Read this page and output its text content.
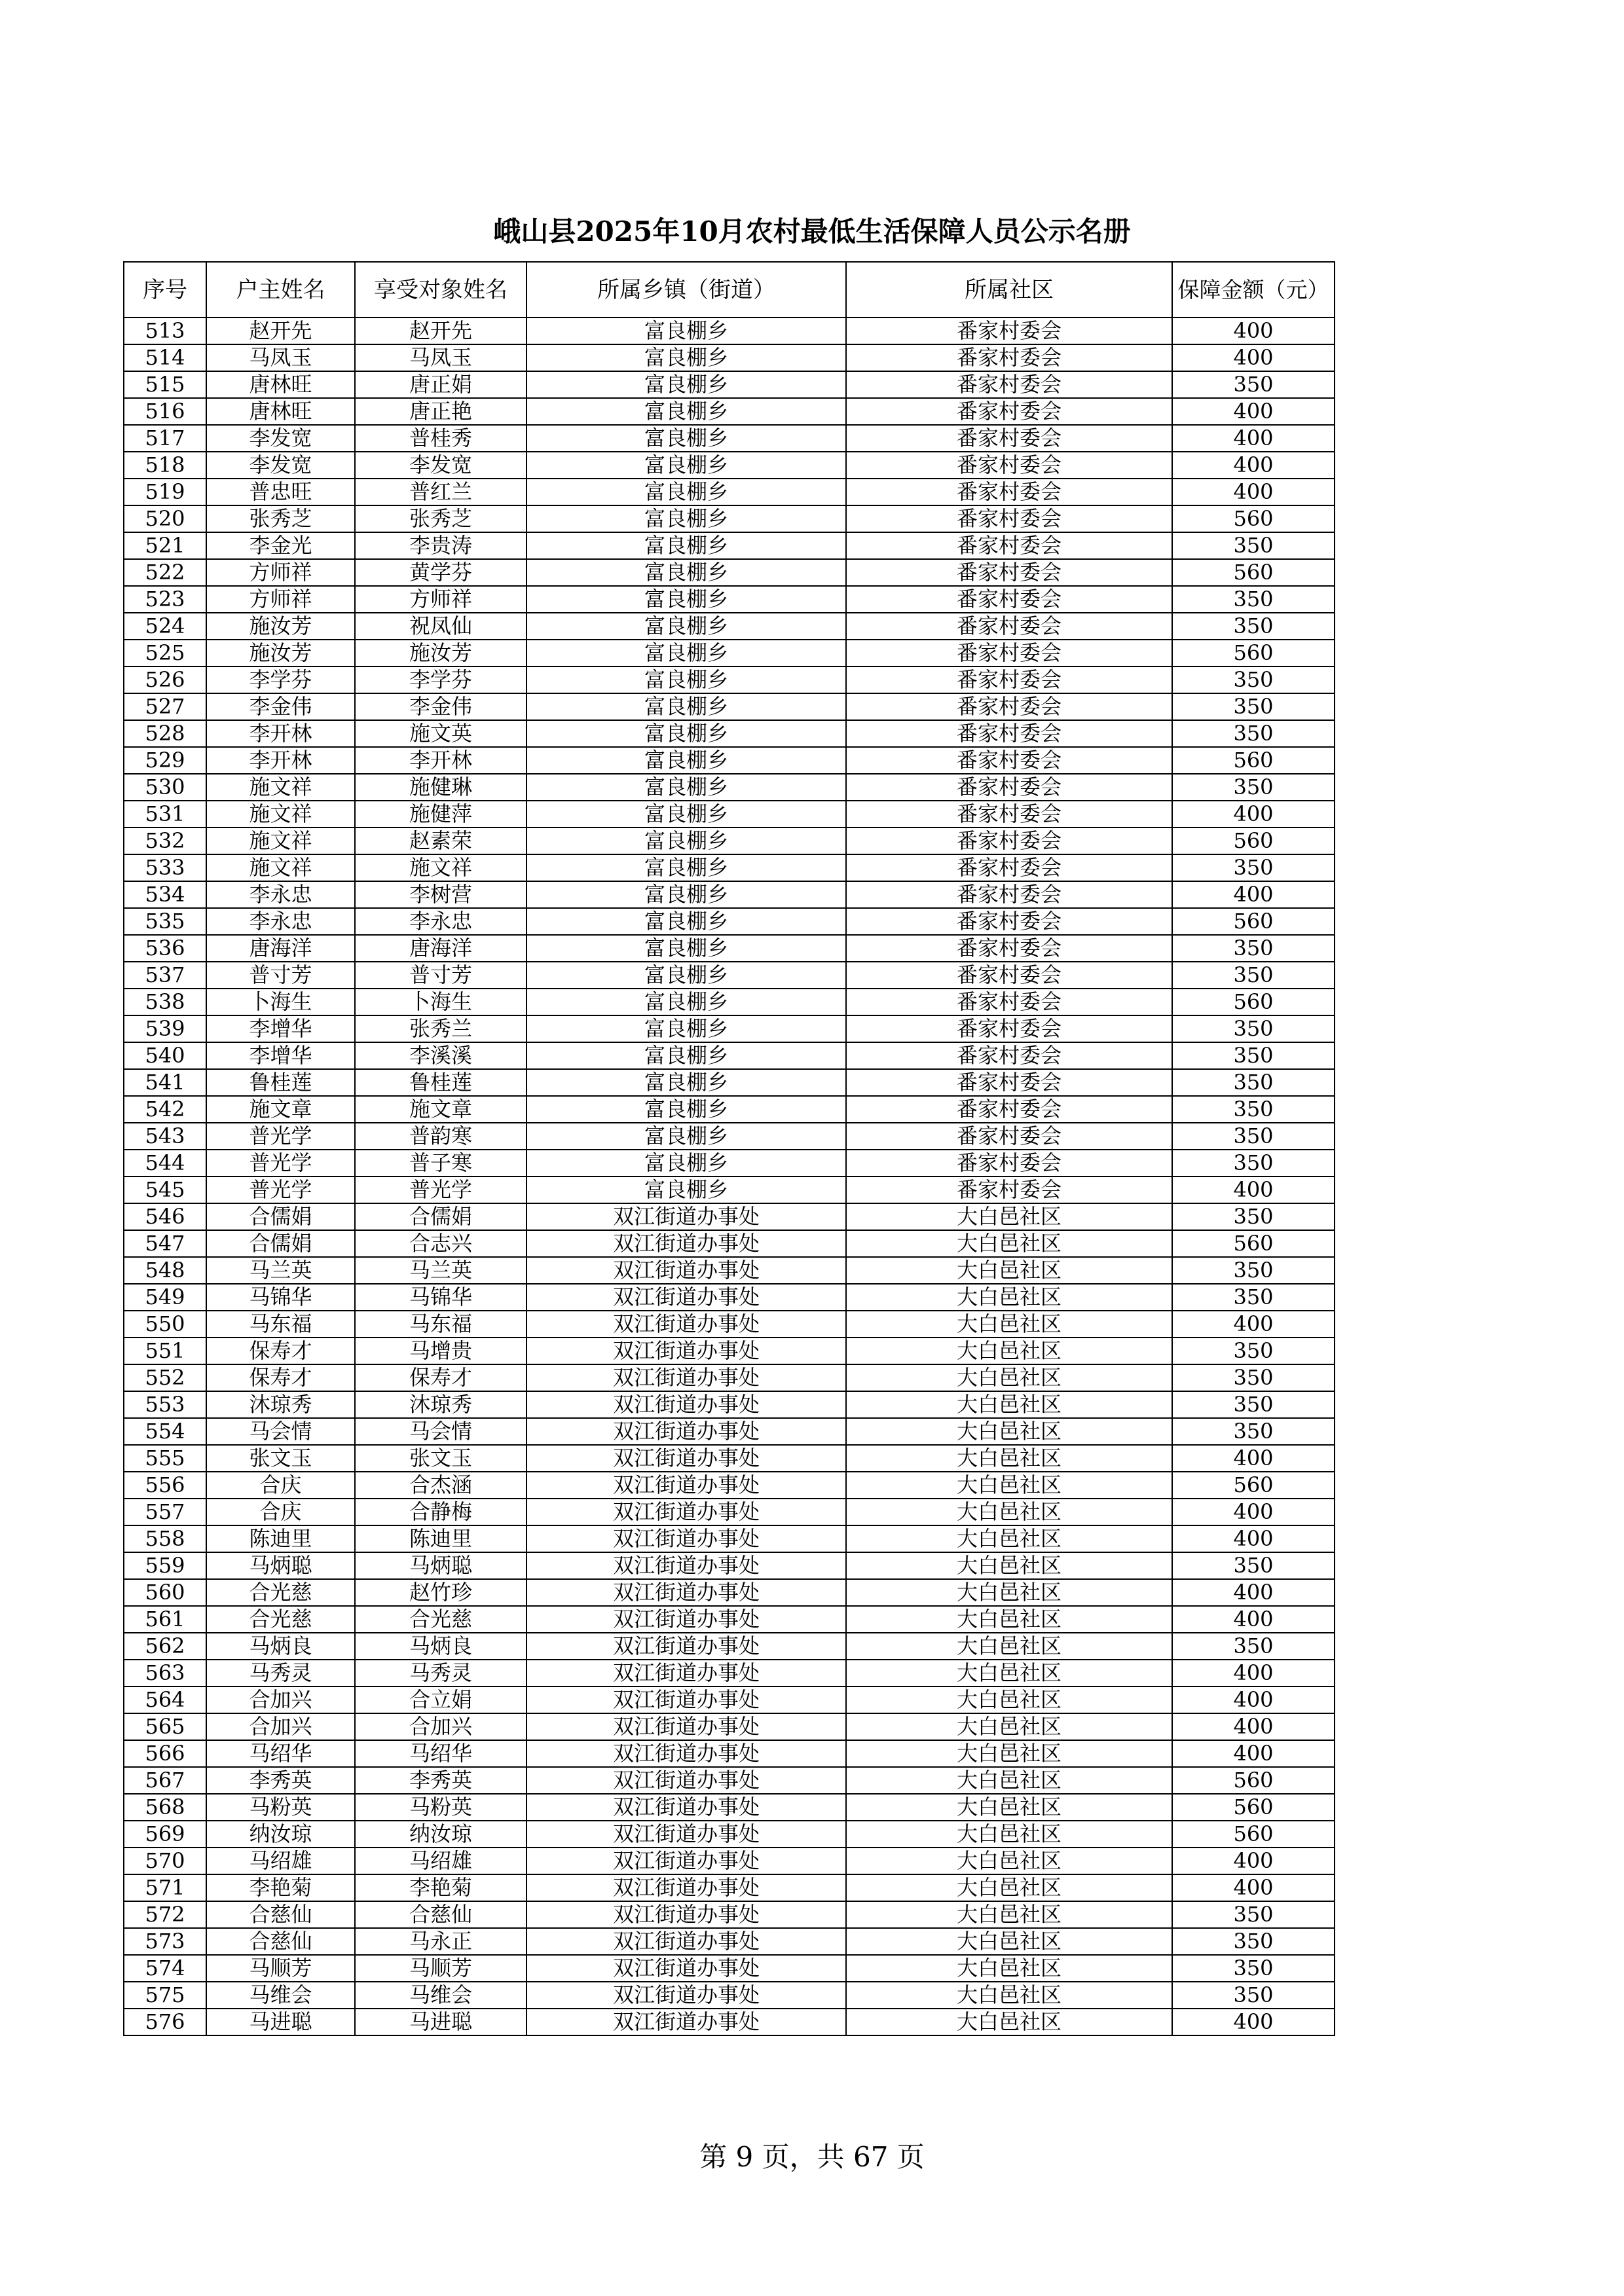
峨山县2025年10月农村最低生活保障人员公示名册
序号	户主姓名	享受对象姓名	所属乡镇（街道）	所属社区	保障金额（元）
513	赵开先	赵开先	富良棚乡	番家村委会	400
514	马凤玉	马凤玉	富良棚乡	番家村委会	400
515	唐林旺	唐正娟	富良棚乡	番家村委会	350
516	唐林旺	唐正艳	富良棚乡	番家村委会	400
517	李发宽	普桂秀	富良棚乡	番家村委会	400
518	李发宽	李发宽	富良棚乡	番家村委会	400
519	普忠旺	普红兰	富良棚乡	番家村委会	400
520	张秀芝	张秀芝	富良棚乡	番家村委会	560
521	李金光	李贵涛	富良棚乡	番家村委会	350
522	方师祥	黄学芬	富良棚乡	番家村委会	560
523	方师祥	方师祥	富良棚乡	番家村委会	350
524	施汝芳	祝凤仙	富良棚乡	番家村委会	350
525	施汝芳	施汝芳	富良棚乡	番家村委会	560
526	李学芬	李学芬	富良棚乡	番家村委会	350
527	李金伟	李金伟	富良棚乡	番家村委会	350
528	李开林	施文英	富良棚乡	番家村委会	350
529	李开林	李开林	富良棚乡	番家村委会	560
530	施文祥	施健琳	富良棚乡	番家村委会	350
531	施文祥	施健萍	富良棚乡	番家村委会	400
532	施文祥	赵素荣	富良棚乡	番家村委会	560
533	施文祥	施文祥	富良棚乡	番家村委会	350
534	李永忠	李树营	富良棚乡	番家村委会	400
535	李永忠	李永忠	富良棚乡	番家村委会	560
536	唐海洋	唐海洋	富良棚乡	番家村委会	350
537	普寸芳	普寸芳	富良棚乡	番家村委会	350
538	卜海生	卜海生	富良棚乡	番家村委会	560
539	李增华	张秀兰	富良棚乡	番家村委会	350
540	李增华	李溪溪	富良棚乡	番家村委会	350
541	鲁桂莲	鲁桂莲	富良棚乡	番家村委会	350
542	施文章	施文章	富良棚乡	番家村委会	350
543	普光学	普韵寒	富良棚乡	番家村委会	350
544	普光学	普子寒	富良棚乡	番家村委会	350
545	普光学	普光学	富良棚乡	番家村委会	400
546	合儒娟	合儒娟	双江街道办事处	大白邑社区	350
547	合儒娟	合志兴	双江街道办事处	大白邑社区	560
548	马兰英	马兰英	双江街道办事处	大白邑社区	350
549	马锦华	马锦华	双江街道办事处	大白邑社区	350
550	马东福	马东福	双江街道办事处	大白邑社区	400
551	保寿才	马增贵	双江街道办事处	大白邑社区	350
552	保寿才	保寿才	双江街道办事处	大白邑社区	350
553	沐琼秀	沐琼秀	双江街道办事处	大白邑社区	350
554	马会情	马会情	双江街道办事处	大白邑社区	350
555	张文玉	张文玉	双江街道办事处	大白邑社区	400
556	合庆	合杰涵	双江街道办事处	大白邑社区	560
557	合庆	合静梅	双江街道办事处	大白邑社区	400
558	陈迪里	陈迪里	双江街道办事处	大白邑社区	400
559	马炳聪	马炳聪	双江街道办事处	大白邑社区	350
560	合光慈	赵竹珍	双江街道办事处	大白邑社区	400
561	合光慈	合光慈	双江街道办事处	大白邑社区	400
562	马炳良	马炳良	双江街道办事处	大白邑社区	350
563	马秀灵	马秀灵	双江街道办事处	大白邑社区	400
564	合加兴	合立娟	双江街道办事处	大白邑社区	400
565	合加兴	合加兴	双江街道办事处	大白邑社区	400
566	马绍华	马绍华	双江街道办事处	大白邑社区	400
567	李秀英	李秀英	双江街道办事处	大白邑社区	560
568	马粉英	马粉英	双江街道办事处	大白邑社区	560
569	纳汝琼	纳汝琼	双江街道办事处	大白邑社区	560
570	马绍雄	马绍雄	双江街道办事处	大白邑社区	400
571	李艳菊	李艳菊	双江街道办事处	大白邑社区	400
572	合慈仙	合慈仙	双江街道办事处	大白邑社区	350
573	合慈仙	马永正	双江街道办事处	大白邑社区	350
574	马顺芳	马顺芳	双江街道办事处	大白邑社区	350
575	马维会	马维会	双江街道办事处	大白邑社区	350
576	马进聪	马进聪	双江街道办事处	大白邑社区	400

第 9 页，共 67 页
